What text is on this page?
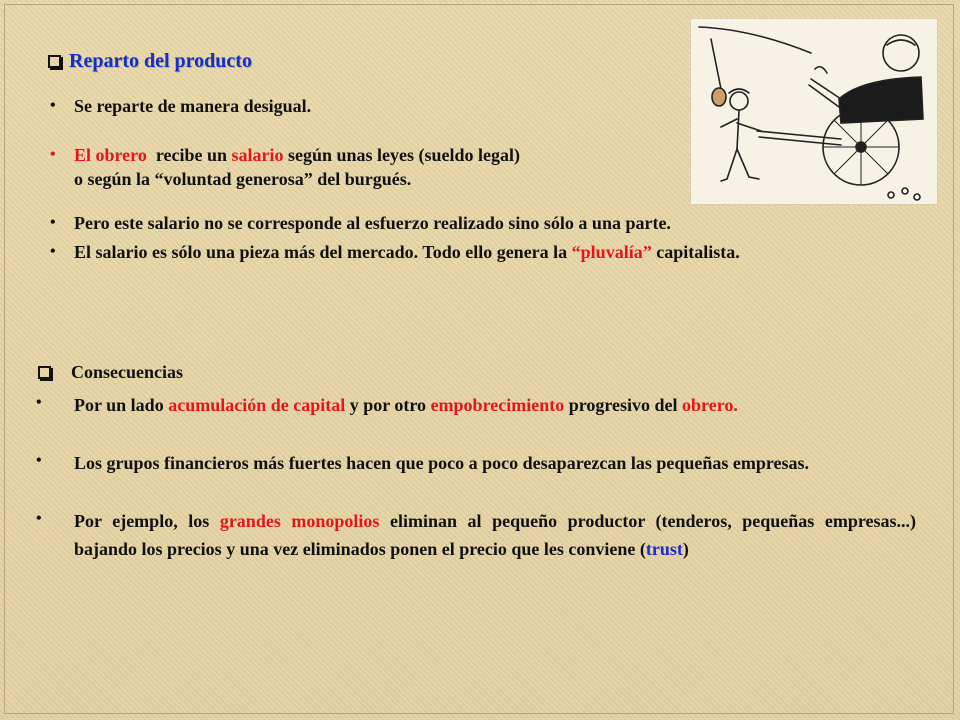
Reparto del producto
• Se reparte de manera desigual.
• El obrero recibe un salario según unas leyes (sueldo legal)
o según la “voluntad generosa” del burgués.
• Pero este salario no se corresponde al esfuerzo realizado sino sólo a una parte.
• El salario es sólo una pieza más del mercado. Todo ello genera la “pluvalía” capitalista.
Consecuencias
• Por un lado acumulación de capital y por otro empobrecimiento progresivo del obrero.
• Los grupos financieros más fuertes hacen que poco a poco desaparezcan las pequeñas empresas.
• Por ejemplo, los grandes monopolios eliminan al pequeño productor (tenderos, pequeñas empresas...) bajando los precios y una vez eliminados ponen el precio que les conviene (trust)
